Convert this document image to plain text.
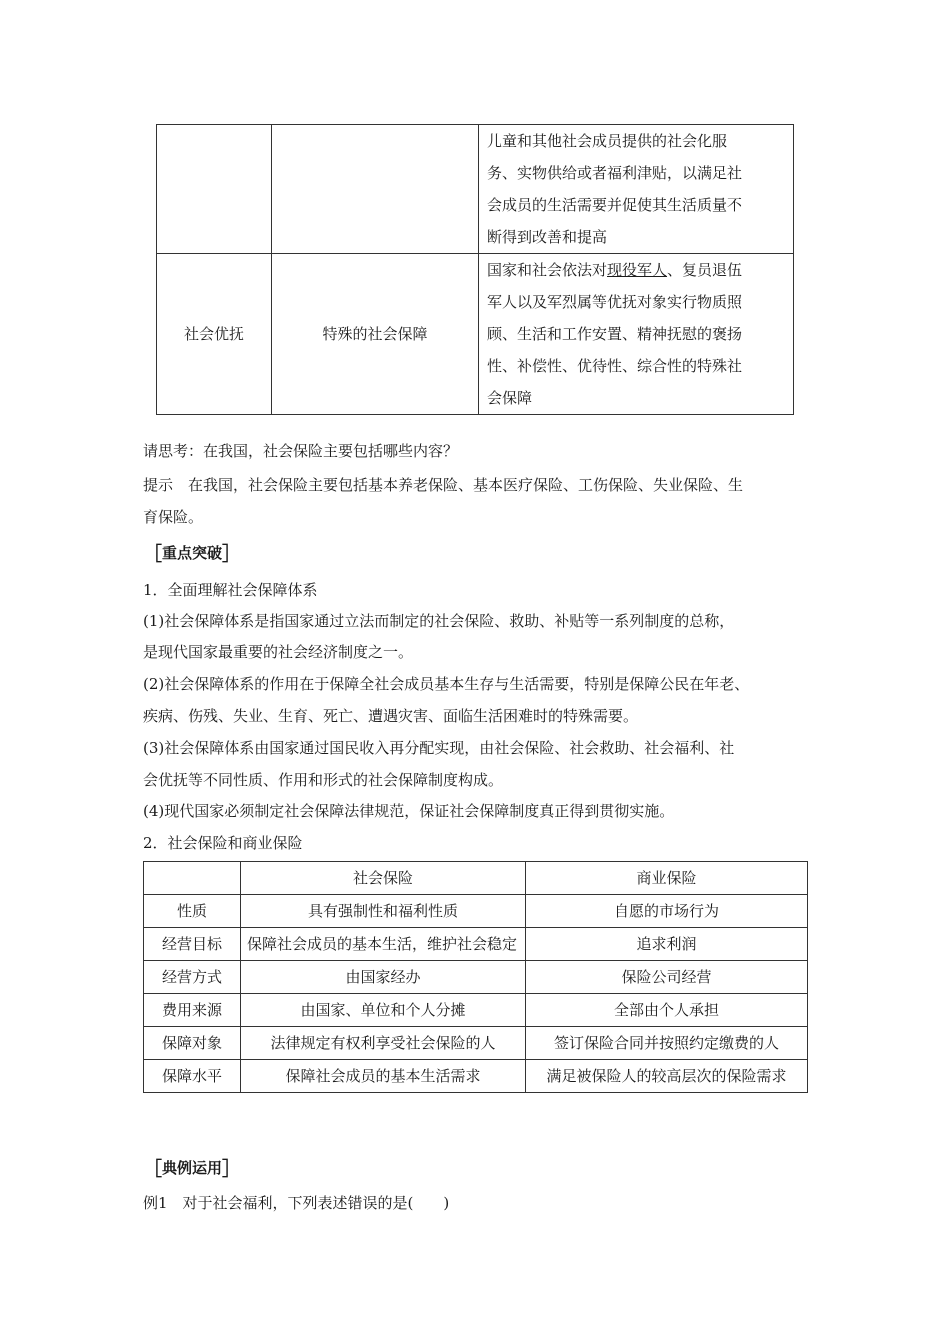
		儿童和其他社会成员提供的社会化服
务、实物供给或者福利津贴，以满足社
会成员的生活需要并促使其生活质量不
断得到改善和提高

社会优抚	特殊的社会保障	国家和社会依法对现役军人、复员退伍
军人以及军烈属等优抚对象实行物质照
顾、生活和工作安置、精神抚慰的褒扬
性、补偿性、优待性、综合性的特殊社
会保障
请思考：在我国，社会保险主要包括哪些内容？
提示　在我国，社会保险主要包括基本养老保险、基本医疗保险、工伤保险、失业保险、生
育保险。
［重点突破］
1．全面理解社会保障体系
(1)社会保障体系是指国家通过立法而制定的社会保险、救助、补贴等一系列制度的总称，
是现代国家最重要的社会经济制度之一。
(2)社会保障体系的作用在于保障全社会成员基本生存与生活需要，特别是保障公民在年老、
疾病、伤残、失业、生育、死亡、遭遇灾害、面临生活困难时的特殊需要。
(3)社会保障体系由国家通过国民收入再分配实现，由社会保险、社会救助、社会福利、社
会优抚等不同性质、作用和形式的社会保障制度构成。
(4)现代国家必须制定社会保障法律规范，保证社会保障制度真正得到贯彻实施。
2．社会保险和商业保险
	社会保险	商业保险
性质	具有强制性和福利性质	自愿的市场行为
经营目标	保障社会成员的基本生活，维护社会稳定	追求利润
经营方式	由国家经办	保险公司经营
费用来源	由国家、单位和个人分摊	全部由个人承担
保障对象	法律规定有权利享受社会保险的人	签订保险合同并按照约定缴费的人
保障水平	保障社会成员的基本生活需求	满足被保险人的较高层次的保险需求
［典例运用］
例1　对于社会福利，下列表述错误的是(　　)
